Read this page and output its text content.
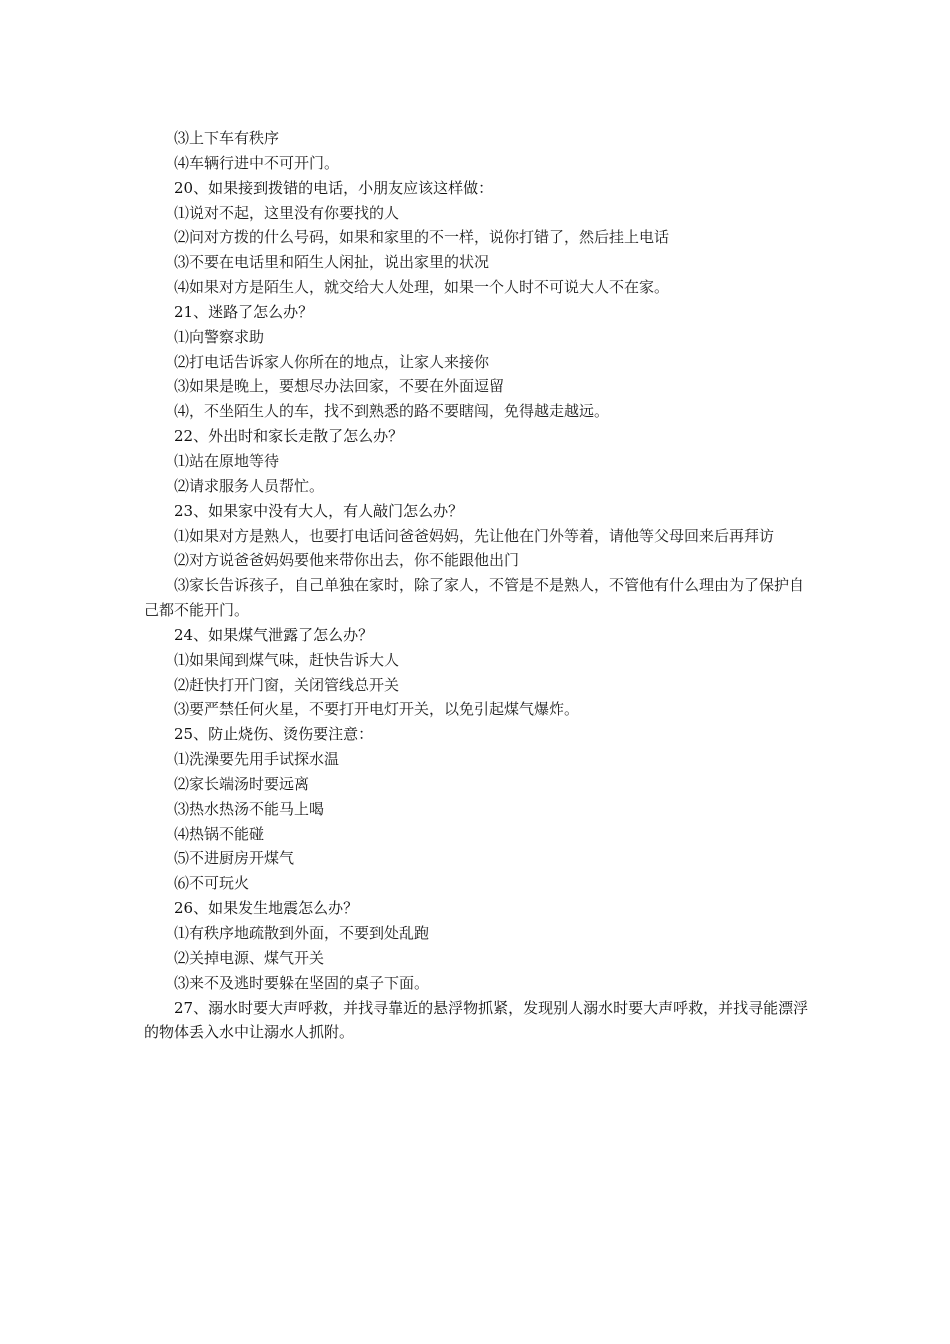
⑶上下车有秩序

⑷车辆行进中不可开门。

20、如果接到拨错的电话，小朋友应该这样做：

⑴说对不起，这里没有你要找的人

⑵问对方拨的什么号码，如果和家里的不一样，说你打错了，然后挂上电话

⑶不要在电话里和陌生人闲扯，说出家里的状况

⑷如果对方是陌生人，就交给大人处理，如果一个人时不可说大人不在家。

21、迷路了怎么办？

⑴向警察求助

⑵打电话告诉家人你所在的地点，让家人来接你

⑶如果是晚上，要想尽办法回家，不要在外面逗留

⑷，不坐陌生人的车，找不到熟悉的路不要瞎闯，免得越走越远。

22、外出时和家长走散了怎么办？

⑴站在原地等待

⑵请求服务人员帮忙。

23、如果家中没有大人，有人敲门怎么办？

⑴如果对方是熟人，也要打电话问爸爸妈妈，先让他在门外等着，请他等父母回来后再拜访

⑵对方说爸爸妈妈要他来带你出去，你不能跟他出门

⑶家长告诉孩子，自己单独在家时，除了家人，不管是不是熟人，不管他有什么理由为了保护自己都不能开门。

24、如果煤气泄露了怎么办？

⑴如果闻到煤气味，赶快告诉大人

⑵赶快打开门窗，关闭管线总开关

⑶要严禁任何火星，不要打开电灯开关，以免引起煤气爆炸。

25、防止烧伤、烫伤要注意：

⑴洗澡要先用手试探水温

⑵家长端汤时要远离

⑶热水热汤不能马上喝

⑷热锅不能碰

⑸不进厨房开煤气

⑹不可玩火

26、如果发生地震怎么办？

⑴有秩序地疏散到外面，不要到处乱跑

⑵关掉电源、煤气开关

⑶来不及逃时要躲在坚固的桌子下面。

27、溺水时要大声呼救，并找寻靠近的悬浮物抓紧，发现别人溺水时要大声呼救，并找寻能漂浮的物体丢入水中让溺水人抓附。
